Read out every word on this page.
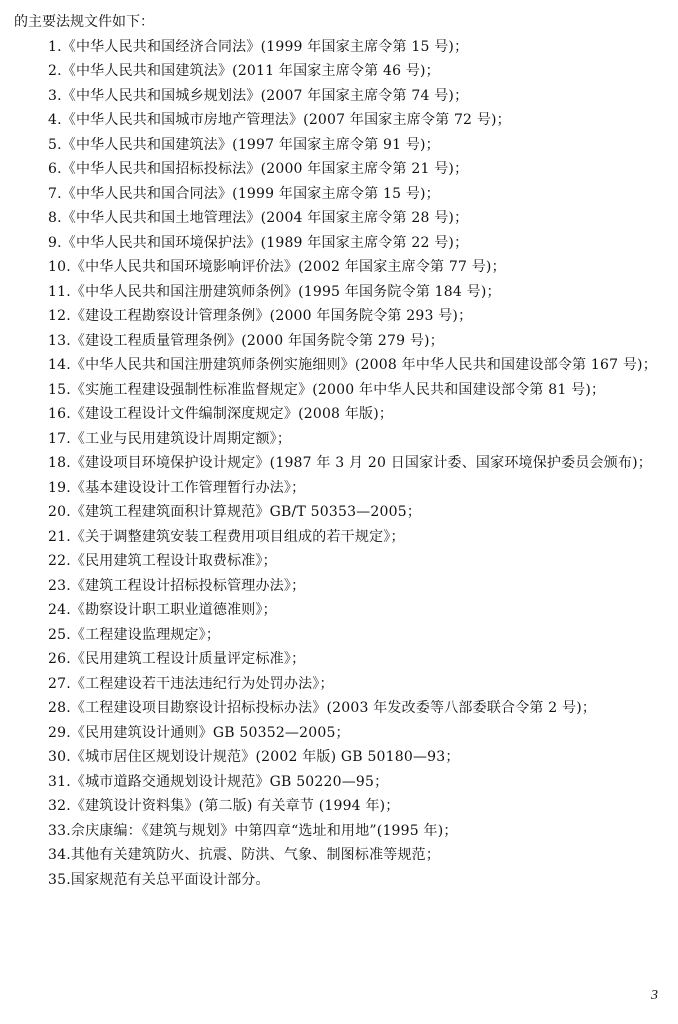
的主要法规文件如下：
1.《中华人民共和国经济合同法》(1999 年国家主席令第 15 号)；
2.《中华人民共和国建筑法》(2011 年国家主席令第 46 号)；
3.《中华人民共和国城乡规划法》(2007 年国家主席令第 74 号)；
4.《中华人民共和国城市房地产管理法》(2007 年国家主席令第 72 号)；
5.《中华人民共和国建筑法》(1997 年国家主席令第 91 号)；
6.《中华人民共和国招标投标法》(2000 年国家主席令第 21 号)；
7.《中华人民共和国合同法》(1999 年国家主席令第 15 号)；
8.《中华人民共和国土地管理法》(2004 年国家主席令第 28 号)；
9.《中华人民共和国环境保护法》(1989 年国家主席令第 22 号)；
10.《中华人民共和国环境影响评价法》(2002 年国家主席令第 77 号)；
11.《中华人民共和国注册建筑师条例》(1995 年国务院令第 184 号)；
12.《建设工程勘察设计管理条例》(2000 年国务院令第 293 号)；
13.《建设工程质量管理条例》(2000 年国务院令第 279 号)；
14.《中华人民共和国注册建筑师条例实施细则》(2008 年中华人民共和国建设部令第 167 号)；
15.《实施工程建设强制性标准监督规定》(2000 年中华人民共和国建设部令第 81 号)；
16.《建设工程设计文件编制深度规定》(2008 年版)；
17.《工业与民用建筑设计周期定额》；
18.《建设项目环境保护设计规定》(1987 年 3 月 20 日国家计委、国家环境保护委员会颁布)；
19.《基本建设设计工作管理暂行办法》；
20.《建筑工程建筑面积计算规范》GB/T 50353—2005；
21.《关于调整建筑安装工程费用项目组成的若干规定》；
22.《民用建筑工程设计取费标准》；
23.《建筑工程设计招标投标管理办法》；
24.《勘察设计职工职业道德准则》；
25.《工程建设监理规定》；
26.《民用建筑工程设计质量评定标准》；
27.《工程建设若干违法违纪行为处罚办法》；
28.《工程建设项目勘察设计招标投标办法》(2003 年发改委等八部委联合令第 2 号)；
29.《民用建筑设计通则》GB 50352—2005；
30.《城市居住区规划设计规范》(2002 年版) GB 50180—93；
31.《城市道路交通规划设计规范》GB 50220—95；
32.《建筑设计资料集》(第二版) 有关章节 (1994 年)；
33.佘庆康编：《建筑与规划》中第四章“选址和用地”(1995 年)；
34.其他有关建筑防火、抗震、防洪、气象、制图标准等规范；
35.国家规范有关总平面设计部分。
3
